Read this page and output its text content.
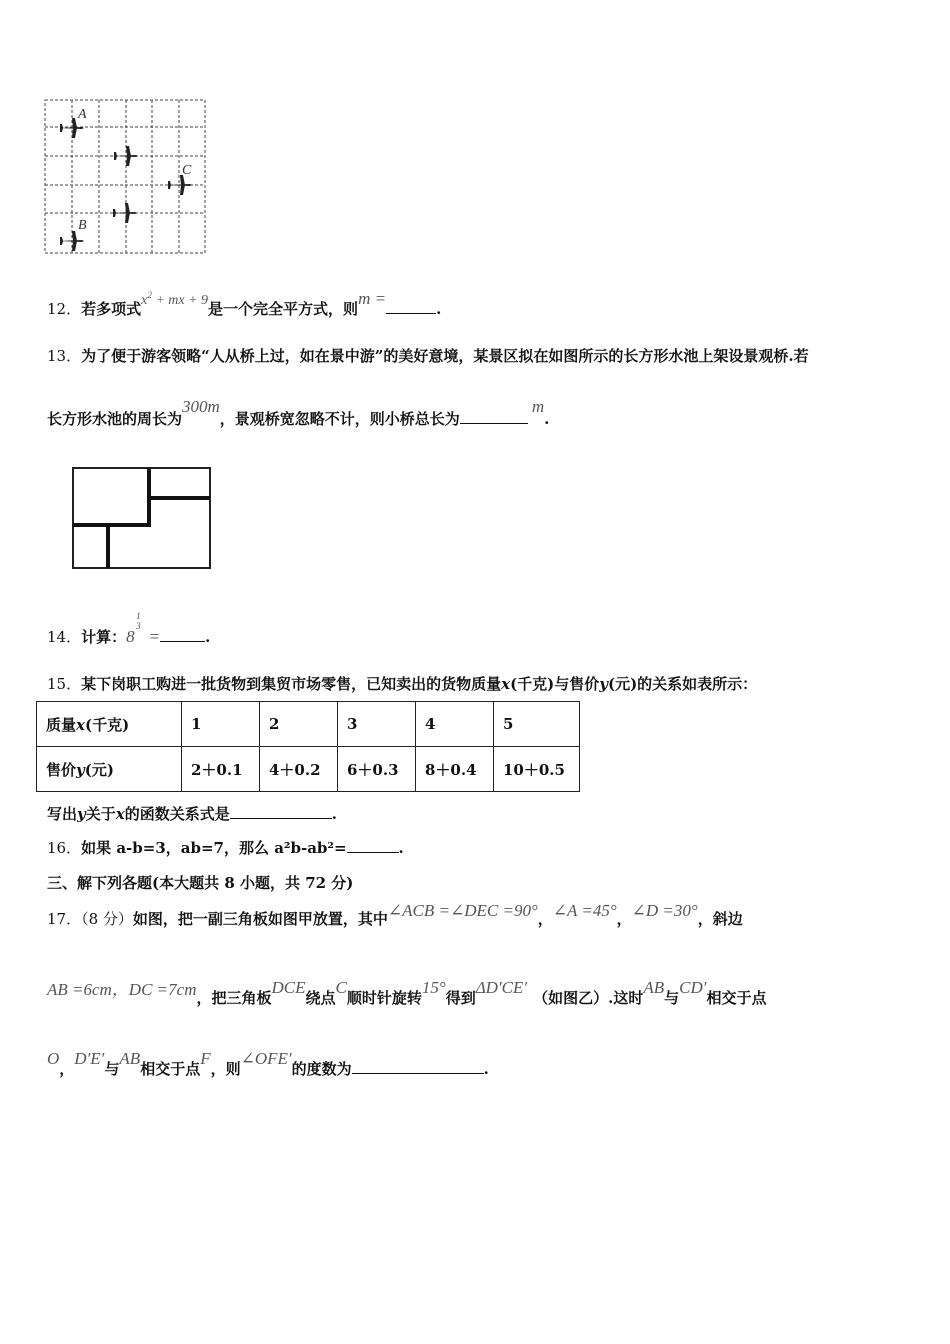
A
C
B
12．若多项式$x^2$ + mx + 9是一个完全平方式，则m =.
13．为了便于游客领略“人从桥上过，如在景中游”的美好意境，某景区拟在如图所示的长方形水池上架设景观桥.若
长方形水池的周长为300m，景观桥宽忽略不计，则小桥总长为m.
14．计算：8
1
3
=	.
15．某下岗职工购进一批货物到集贸市场零售，已知卖出的货物质量x(千克)与售价y(元)的关系如表所示：
质量x(千克)	1	2	3	4	5
售价y(元)	2＋0.1	4＋0.2	6＋0.3	8＋0.4	10＋0.5
写出y关于x的函数关系式是	.
16．如果 a-b=3，ab=7，那么 a²b-ab²=	.
三、解下列各题(本大题共 8 小题，共 72 分)
17．（8 分）如图，把一副三角板如图甲放置，其中∠ACB =∠DEC =90°，∠A =45°，∠D =30°，斜边
AB =6cm，DC =7cm，把三角板DCE绕点C顺时针旋转15°得到ΔD′CE′（如图乙）.这时AB与CD′相交于点
O，D′E′与AB相交于点F，则∠OFE′的度数为	.
